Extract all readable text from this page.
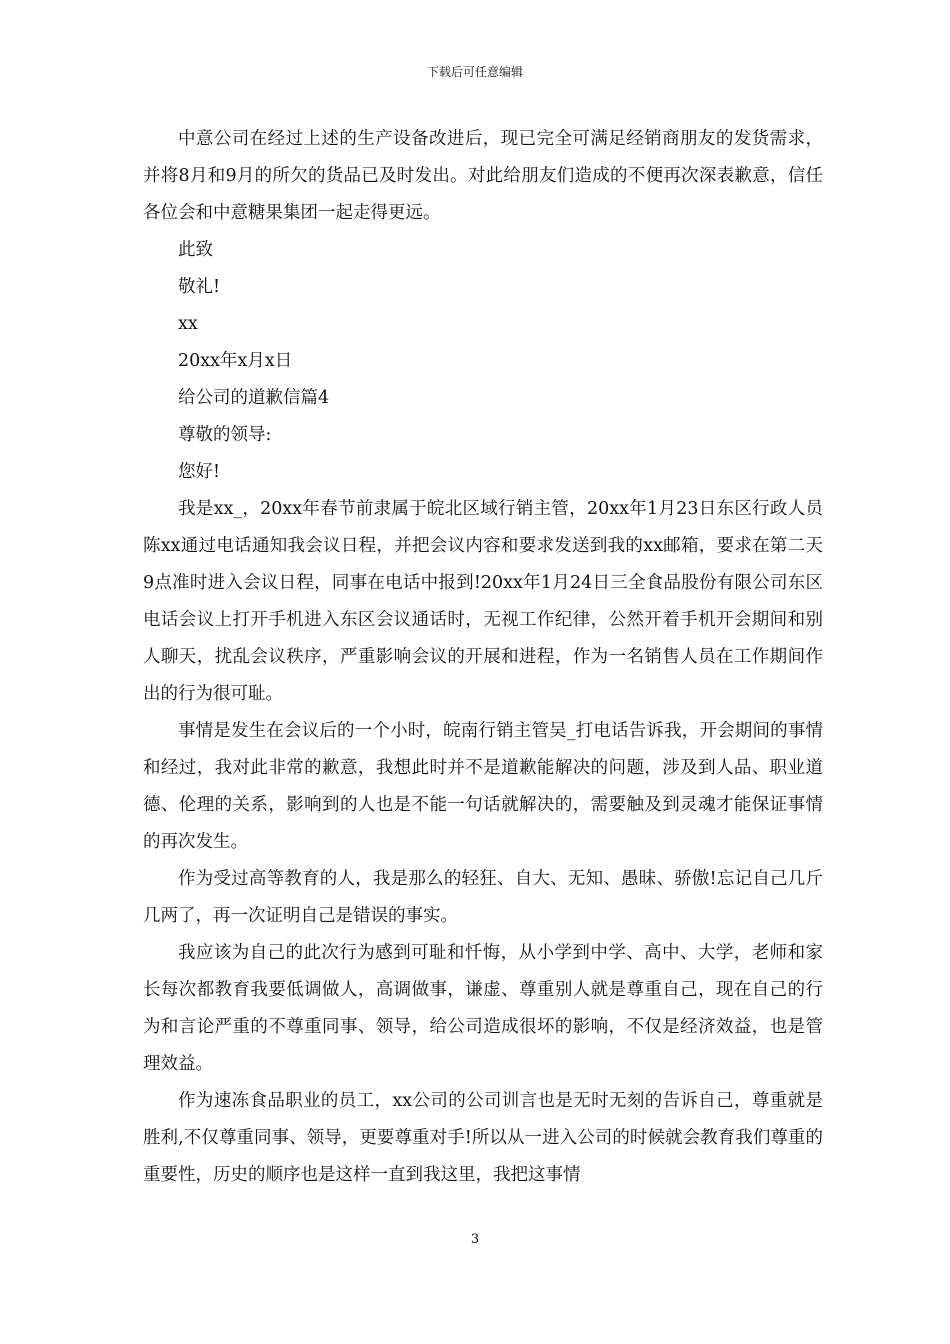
下载后可任意编辑

中意公司在经过上述的生产设备改进后，现已完全可满足经销商朋友的发货需求，并将8月和9月的所欠的货品已及时发出。对此给朋友们造成的不便再次深表歉意，信任各位会和中意糖果集团一起走得更远。

此致

敬礼!

xx

20xx年x月x日

给公司的道歉信篇4

尊敬的领导:

您好!

我是xx_，20xx年春节前隶属于皖北区域行销主管，20xx年1月23日东区行政人员陈xx通过电话通知我会议日程，并把会议内容和要求发送到我的xx邮箱，要求在第二天9点准时进入会议日程，同事在电话中报到!20xx年1月24日三全食品股份有限公司东区电话会议上打开手机进入东区会议通话时，无视工作纪律，公然开着手机开会期间和别人聊天，扰乱会议秩序，严重影响会议的开展和进程，作为一名销售人员在工作期间作出的行为很可耻。

事情是发生在会议后的一个小时，皖南行销主管吴_打电话告诉我，开会期间的事情和经过，我对此非常的歉意，我想此时并不是道歉能解决的问题，涉及到人品、职业道德、伦理的关系，影响到的人也是不能一句话就解决的，需要触及到灵魂才能保证事情的再次发生。

作为受过高等教育的人，我是那么的轻狂、自大、无知、愚昧、骄傲!忘记自己几斤几两了，再一次证明自己是错误的事实。

我应该为自己的此次行为感到可耻和忏悔，从小学到中学、高中、大学，老师和家长每次都教育我要低调做人，高调做事，谦虚、尊重别人就是尊重自己，现在自己的行为和言论严重的不尊重同事、领导，给公司造成很坏的影响，不仅是经济效益，也是管理效益。

作为速冻食品职业的员工，xx公司的公司训言也是无时无刻的告诉自己，尊重就是胜利,不仅尊重同事、领导，更要尊重对手!所以从一进入公司的时候就会教育我们尊重的重要性，历史的顺序也是这样一直到我这里，我把这事情

3
